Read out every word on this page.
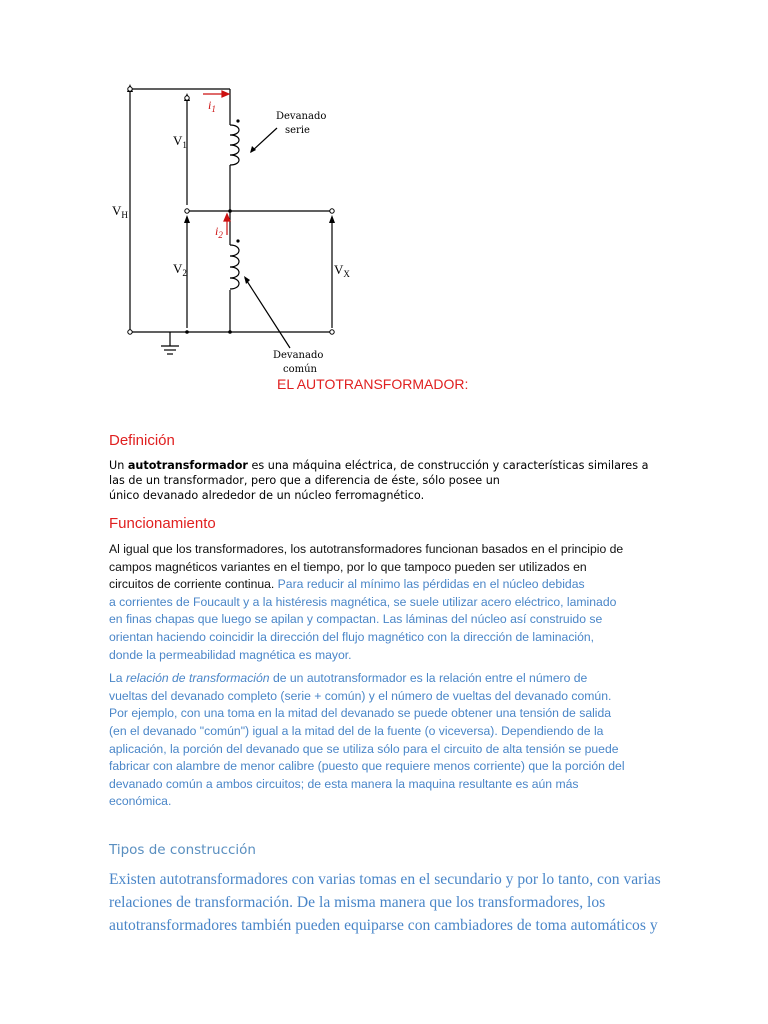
$i_1$
$i_2$
$V_H$
$V_1$
$V_2$	$V_X$
Devanado
serie
Devanado
común
EL AUTOTRANSFORMADOR:
Definición
Un autotransformador es una máquina eléctrica, de construcción y características similares a
las de un transformador, pero que a diferencia de éste, sólo posee un
único devanado alrededor de un núcleo ferromagnético.
Funcionamiento
Al igual que los transformadores, los autotransformadores funcionan basados en el principio de
campos magnéticos variantes en el tiempo, por lo que tampoco pueden ser utilizados en
circuitos de corriente continua. Para reducir al mínimo las pérdidas en el núcleo debidas
a corrientes de Foucault y a la histéresis magnética, se suele utilizar acero eléctrico, laminado
en finas chapas que luego se apilan y compactan. Las láminas del núcleo así construido se
orientan haciendo coincidir la dirección del flujo magnético con la dirección de laminación,
donde la permeabilidad magnética es mayor.
La relación de transformación de un autotransformador es la relación entre el número de
vueltas del devanado completo (serie + común) y el número de vueltas del devanado común.
Por ejemplo, con una toma en la mitad del devanado se puede obtener una tensión de salida
(en el devanado "común") igual a la mitad del de la fuente (o viceversa). Dependiendo de la
aplicación, la porción del devanado que se utiliza sólo para el circuito de alta tensión se puede
fabricar con alambre de menor calibre (puesto que requiere menos corriente) que la porción del
devanado común a ambos circuitos; de esta manera la maquina resultante es aún más
económica.
Tipos de construcción
Existen autotransformadores con varias tomas en el secundario y por lo tanto, con varias
relaciones de transformación. De la misma manera que los transformadores, los
autotransformadores también pueden equiparse con cambiadores de toma automáticos y
